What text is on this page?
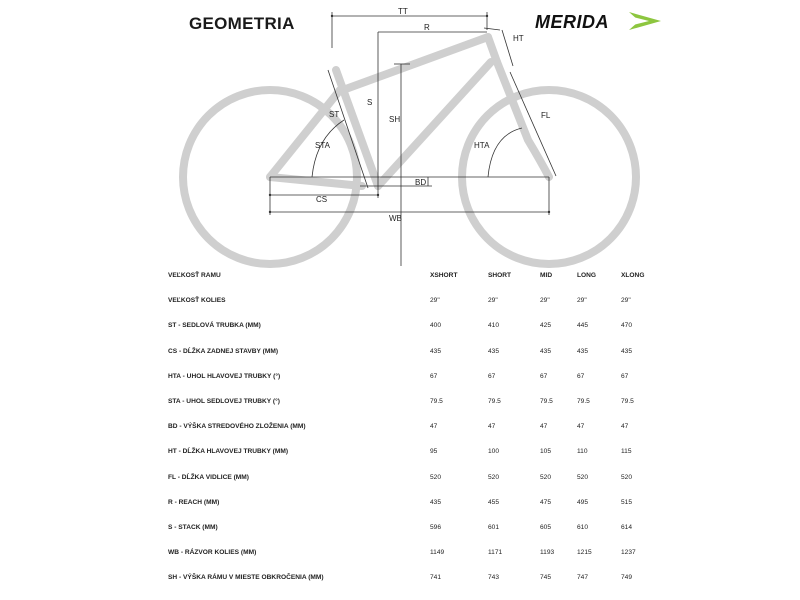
GEOMETRIA	MERIDA
TT
R
HT
S
ST
SH	FL
STA	HTA
BD
CS
WB
VEĽKOSŤ RAMU	XSHORT	SHORT	MID	LONG	XLONG
VEĽKOSŤ KOLIES	29"	29"	29"	29"	29"
ST - SEDLOVÁ TRUBKA (MM)	400	410	425	445	470
CS - DĹŽKA ZADNEJ STAVBY (MM)	435	435	435	435	435
HTA - UHOL HLAVOVEJ TRUBKY (°)	67	67	67	67	67
STA - UHOL SEDLOVEJ TRUBKY (°)	79.5	79.5	79.5	79.5	79.5
BD - VÝŠKA STREDOVÉHO ZLOŽENIA (MM)	47	47	47	47	47
HT - DĹŽKA HLAVOVEJ TRUBKY (MM)	95	100	105	110	115
FL - DĹŽKA VIDLICE (MM)	520	520	520	520	520
R - REACH (MM)	435	455	475	495	515
S - STACK (MM)	596	601	605	610	614
WB - RÁZVOR KOLIES (MM)	1149	1171	1193	1215	1237
SH - VÝŠKA RÁMU V MIESTE OBKROČENIA (MM)	741	743	745	747	749
